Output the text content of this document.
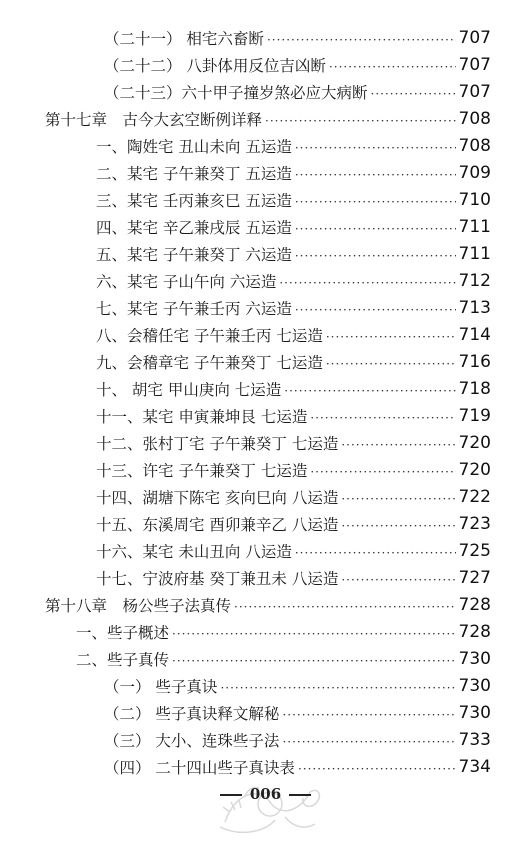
（二十一） 相宅六畜断 ·····	707
（二十二） 八卦体用反位吉凶断 ·····	707
（二十三）六十甲子撞岁煞必应大病断 ·····	707
第十七章　古今大玄空断例详释 ·····	708
一、陶姓宅 丑山未向 五运造 ·····	708
二、某宅 子午兼癸丁 五运造 ·····	709
三、某宅 壬丙兼亥巳 五运造 ·····	710
四、某宅 辛乙兼戌辰 五运造 ·····	711
五、某宅 子午兼癸丁 六运造 ·····	711
六、某宅 子山午向 六运造 ·····	712
七、某宅 子午兼壬丙 六运造 ·····	713
八、会稽任宅 子午兼壬丙 七运造 ·····	714
九、会稽章宅 子午兼癸丁 七运造 ·····	716
十、 胡宅 甲山庚向 七运造 ·····	718
十一、某宅 申寅兼坤艮 七运造 ·····	719
十二、张村丁宅 子午兼癸丁 七运造 ·····	720
十三、许宅 子午兼癸丁 七运造 ·····	720
十四、湖塘下陈宅 亥向巳向 八运造 ·····	722
十五、东溪周宅 酉卯兼辛乙 八运造 ·····	723
十六、某宅 未山丑向 八运造 ·····	725
十七、宁波府基 癸丁兼丑未 八运造 ·····	727
第十八章　杨公些子法真传 ·····	728
一、些子概述 ·····	728
二、些子真传 ·····	730
（一） 些子真诀 ·····	730
（二） 些子真诀释文解秘 ·····	730
（三） 大小、连珠些子法 ·····	733
（四） 二十四山些子真诀表 ·····	734
006
